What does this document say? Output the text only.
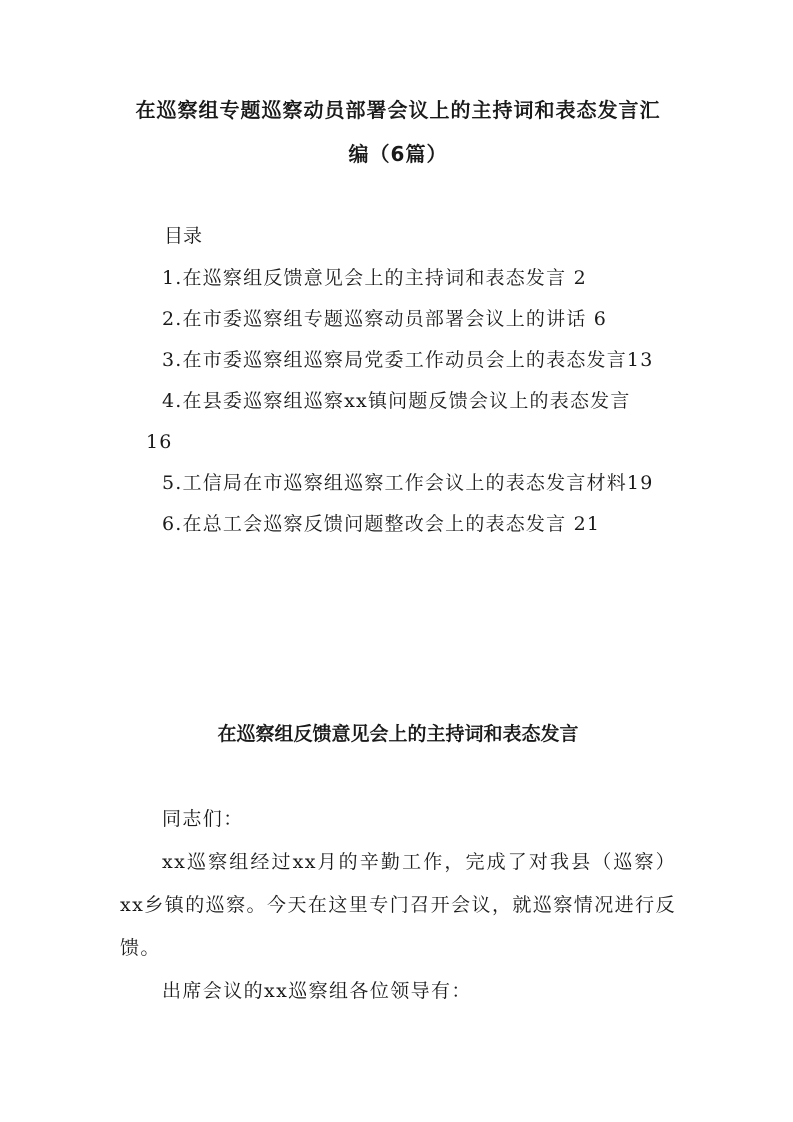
在巡察组专题巡察动员部署会议上的主持词和表态发言汇
编（6篇）

目录

1.在巡察组反馈意见会上的主持词和表态发言 2
2.在市委巡察组专题巡察动员部署会议上的讲话 6
3.在市委巡察组巡察局党委工作动员会上的表态发言13
4.在县委巡察组巡察xx镇问题反馈会议上的表态发言
16
5.工信局在市巡察组巡察工作会议上的表态发言材料19
6.在总工会巡察反馈问题整改会上的表态发言 21
在巡察组反馈意见会上的主持词和表态发言

同志们：

xx巡察组经过xx月的辛勤工作，完成了对我县（巡察）xx乡镇的巡察。今天在这里专门召开会议，就巡察情况进行反馈。

出席会议的xx巡察组各位领导有：
